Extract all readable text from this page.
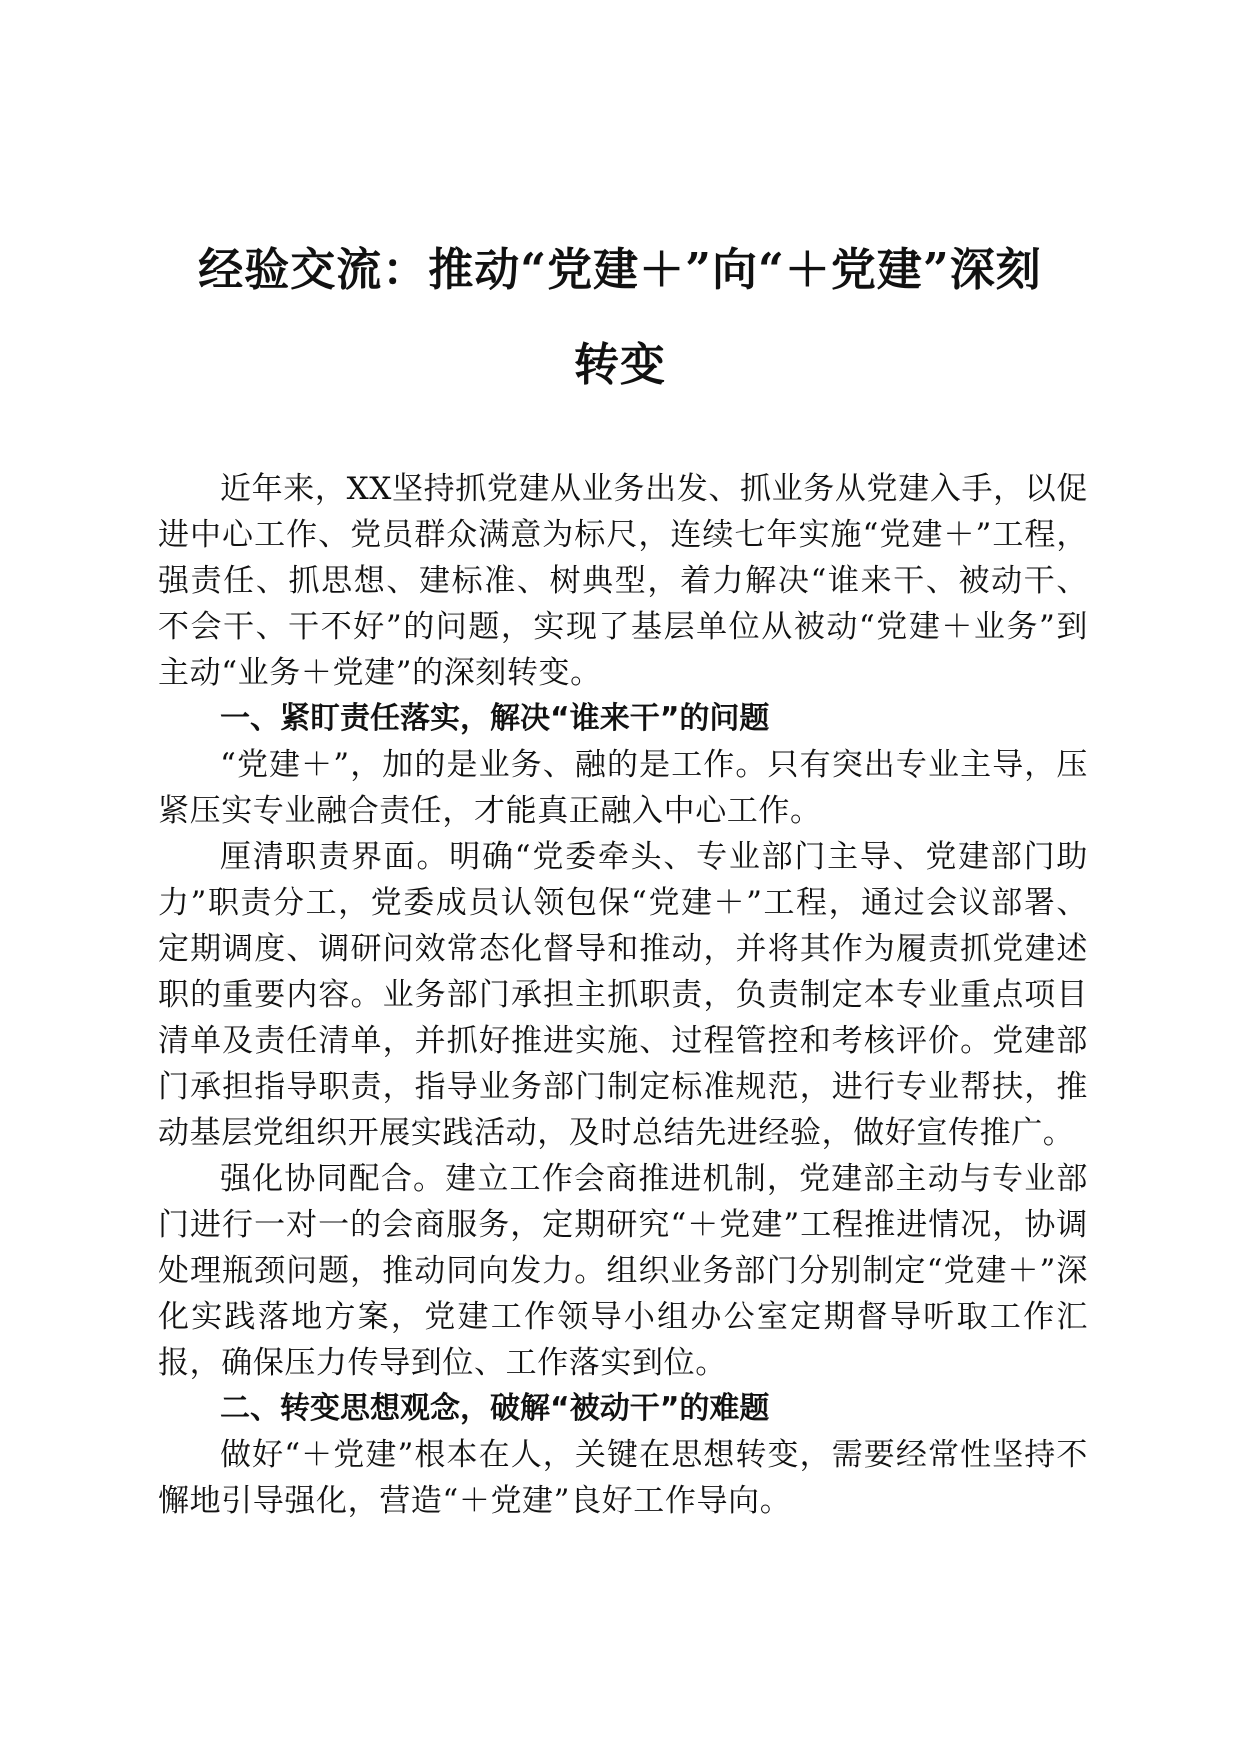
经验交流：推动“党建＋”向“＋党建”深刻
转变

近年来，XX坚持抓党建从业务出发、抓业务从党建入手，以促进中心工作、党员群众满意为标尺，连续七年实施“党建＋”工程，强责任、抓思想、建标准、树典型，着力解决“谁来干、被动干、不会干、干不好”的问题，实现了基层单位从被动“党建＋业务”到主动“业务＋党建”的深刻转变。

一、紧盯责任落实，解决“谁来干”的问题

“党建＋”，加的是业务、融的是工作。只有突出专业主导，压紧压实专业融合责任，才能真正融入中心工作。

厘清职责界面。明确“党委牵头、专业部门主导、党建部门助力”职责分工，党委成员认领包保“党建＋”工程，通过会议部署、定期调度、调研问效常态化督导和推动，并将其作为履责抓党建述职的重要内容。业务部门承担主抓职责，负责制定本专业重点项目清单及责任清单，并抓好推进实施、过程管控和考核评价。党建部门承担指导职责，指导业务部门制定标准规范，进行专业帮扶，推动基层党组织开展实践活动，及时总结先进经验，做好宣传推广。

强化协同配合。建立工作会商推进机制，党建部主动与专业部门进行一对一的会商服务，定期研究“＋党建”工程推进情况，协调处理瓶颈问题，推动同向发力。组织业务部门分别制定“党建＋”深化实践落地方案，党建工作领导小组办公室定期督导听取工作汇报，确保压力传导到位、工作落实到位。

二、转变思想观念，破解“被动干”的难题

做好“＋党建”根本在人，关键在思想转变，需要经常性坚持不懈地引导强化，营造“＋党建”良好工作导向。
